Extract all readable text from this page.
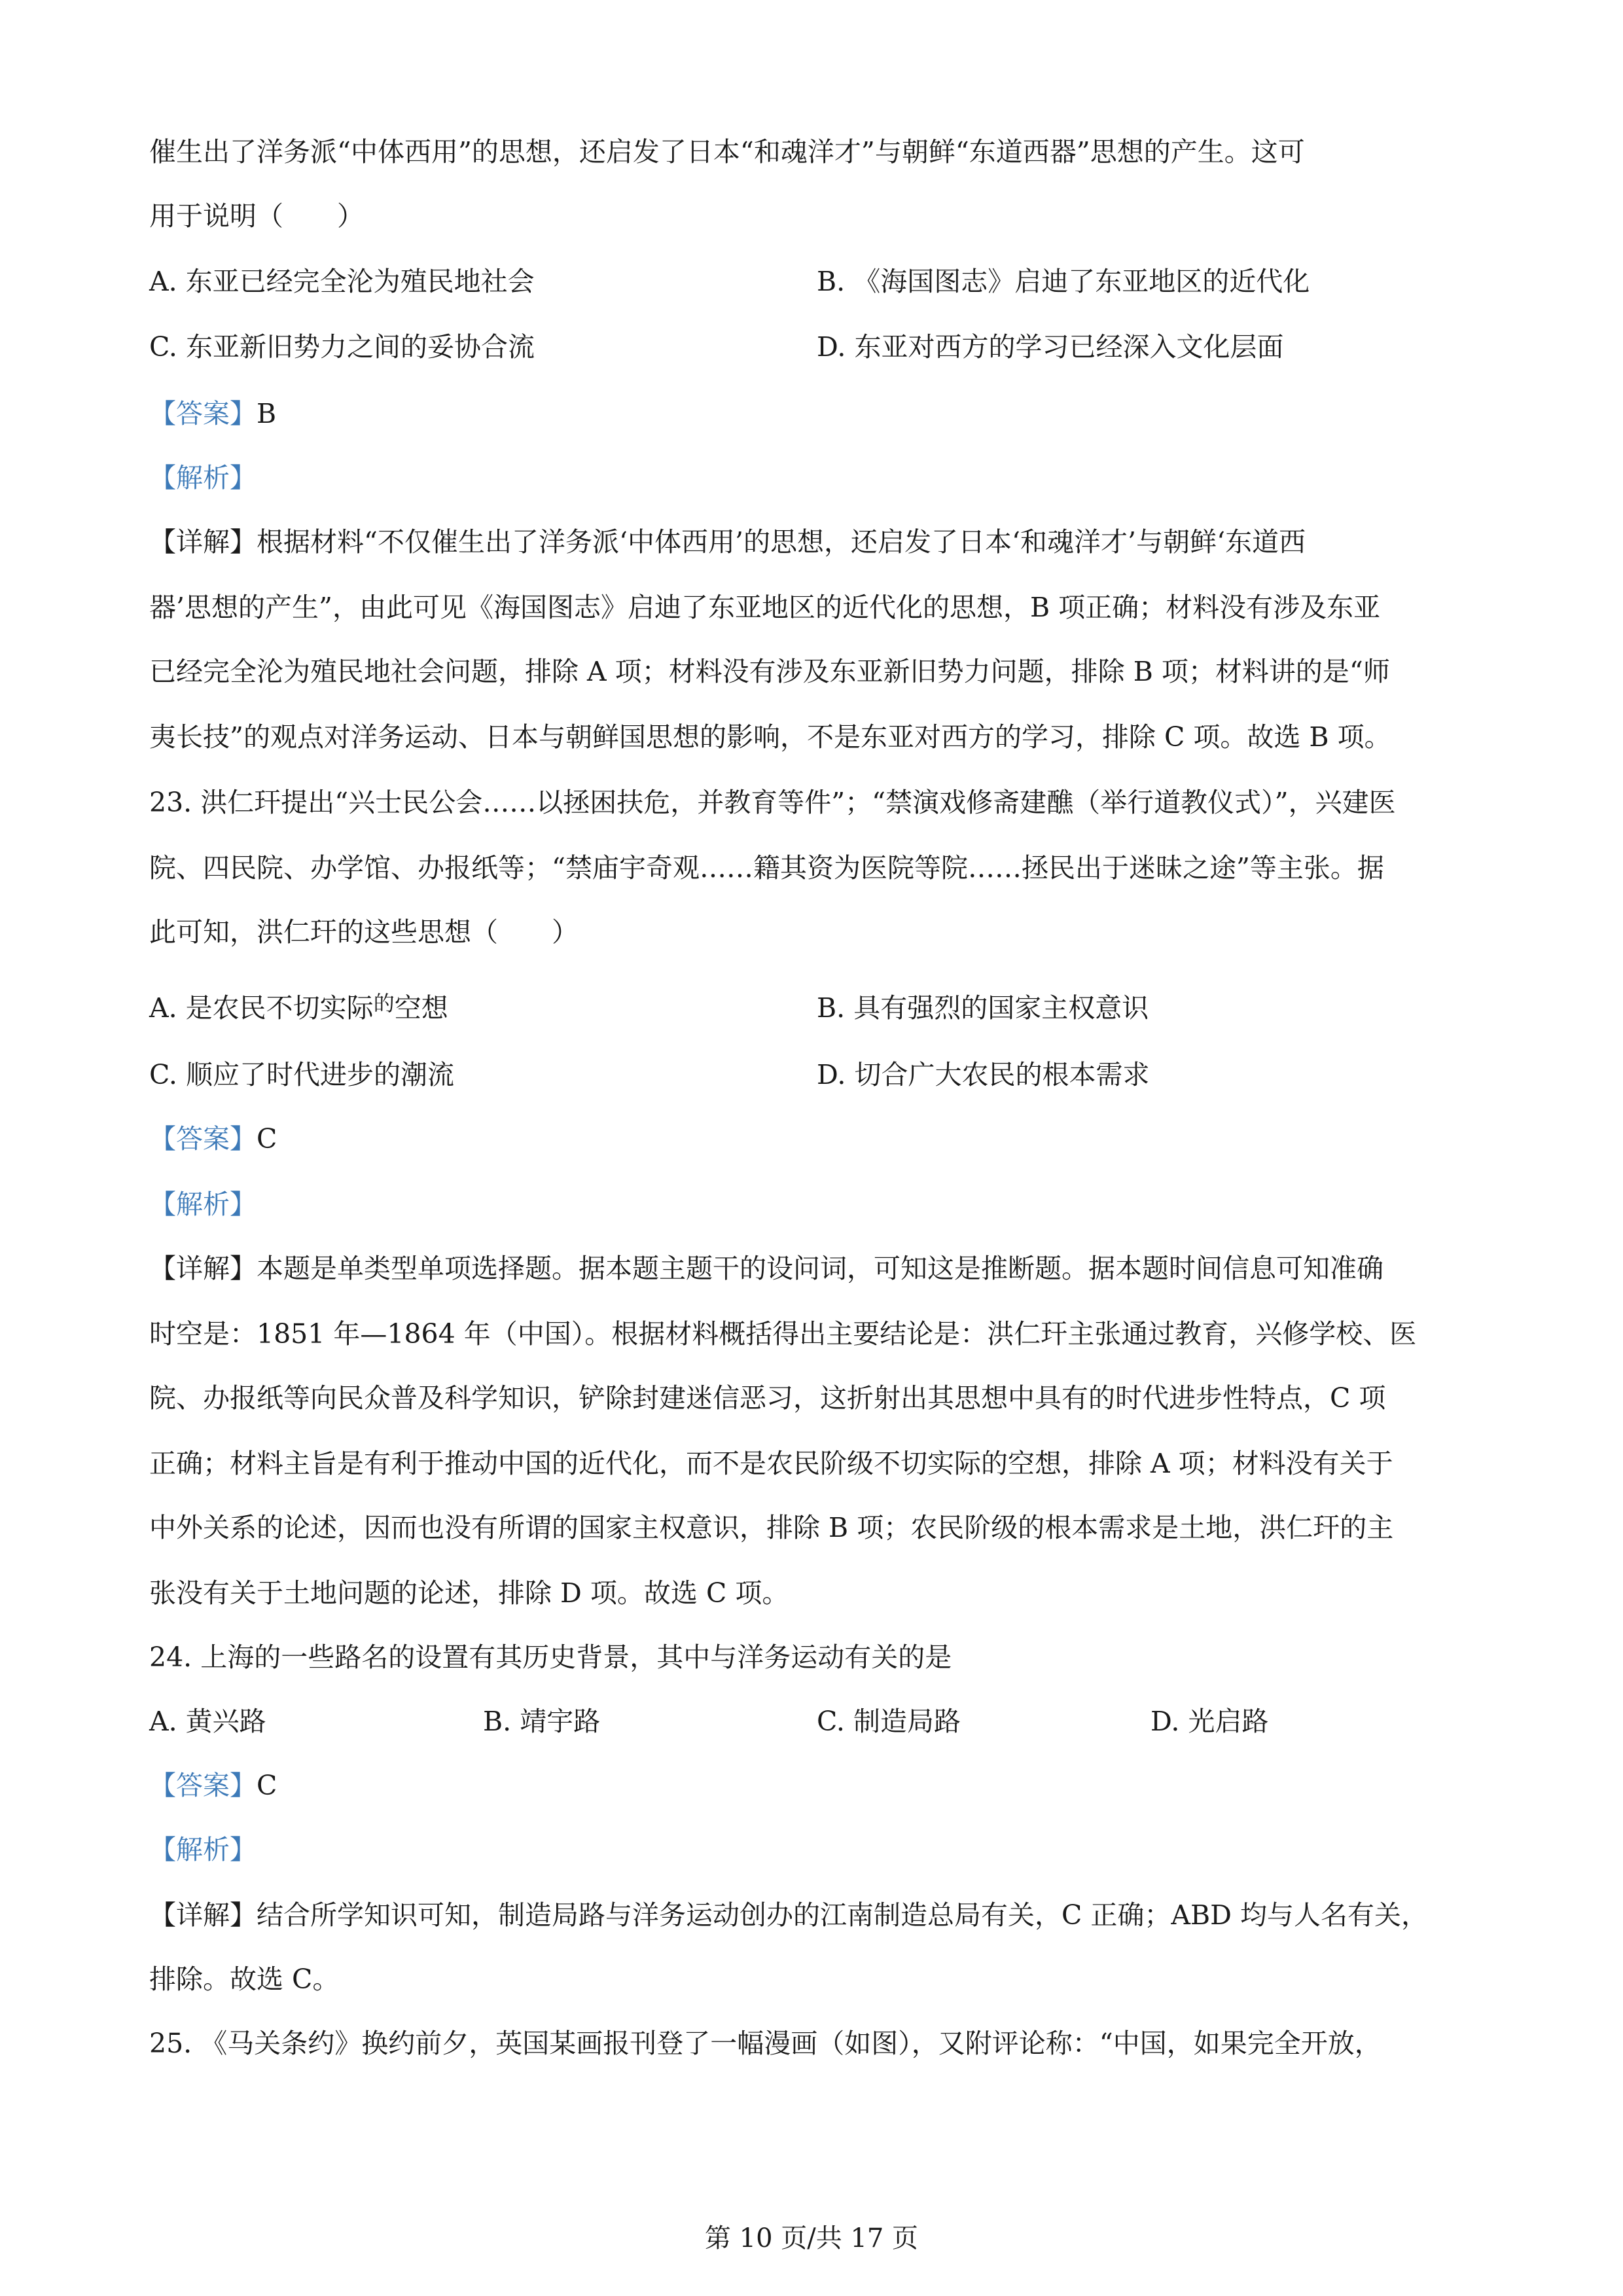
催生出了洋务派“中体西用”的思想，还启发了日本“和魂洋才”与朝鲜“东道西器”思想的产生。这可
用于说明（　　）
A. 东亚已经完全沦为殖民地社会	B. 《海国图志》启迪了东亚地区的近代化
C. 东亚新旧势力之间的妥协合流	D. 东亚对西方的学习已经深入文化层面
【答案】B
【解析】
【详解】根据材料“不仅催生出了洋务派‘中体西用’的思想，还启发了日本‘和魂洋才’与朝鲜‘东道西
器’思想的产生”，由此可见《海国图志》启迪了东亚地区的近代化的思想，B 项正确；材料没有涉及东亚
已经完全沦为殖民地社会问题，排除 A 项；材料没有涉及东亚新旧势力问题，排除 B 项；材料讲的是“师
夷长技”的观点对洋务运动、日本与朝鲜国思想的影响，不是东亚对西方的学习，排除 C 项。故选 B 项。
23. 洪仁玕提出“兴士民公会……以拯困扶危，并教育等件”；“禁演戏修斋建醮（举行道教仪式）”，兴建医
院、四民院、办学馆、办报纸等；“禁庙宇奇观……籍其资为医院等院……拯民出于迷昧之途”等主张。据
此可知，洪仁玕的这些思想（　　）
A. 是农民不切实际$^的$空想	B. 具有强烈的国家主权意识
C. 顺应了时代进步的潮流	D. 切合广大农民的根本需求
【答案】C
【解析】
【详解】本题是单类型单项选择题。据本题主题干的设问词，可知这是推断题。据本题时间信息可知准确
时空是：1851 年—1864 年（中国）。根据材料概括得出主要结论是：洪仁玕主张通过教育，兴修学校、医
院、办报纸等向民众普及科学知识，铲除封建迷信恶习，这折射出其思想中具有的时代进步性特点，C 项
正确；材料主旨是有利于推动中国的近代化，而不是农民阶级不切实际的空想，排除 A 项；材料没有关于
中外关系的论述，因而也没有所谓的国家主权意识，排除 B 项；农民阶级的根本需求是土地，洪仁玕的主
张没有关于土地问题的论述，排除 D 项。故选 C 项。
24. 上海的一些路名的设置有其历史背景，其中与洋务运动有关的是
A. 黄兴路	B. 靖宇路	C. 制造局路	D. 光启路
【答案】C
【解析】
【详解】结合所学知识可知，制造局路与洋务运动创办的江南制造总局有关，C 正确；ABD 均与人名有关，
排除。故选 C。
25. 《马关条约》换约前夕，英国某画报刊登了一幅漫画（如图），又附评论称：“中国，如果完全开放，
第 10 页/共 17 页
